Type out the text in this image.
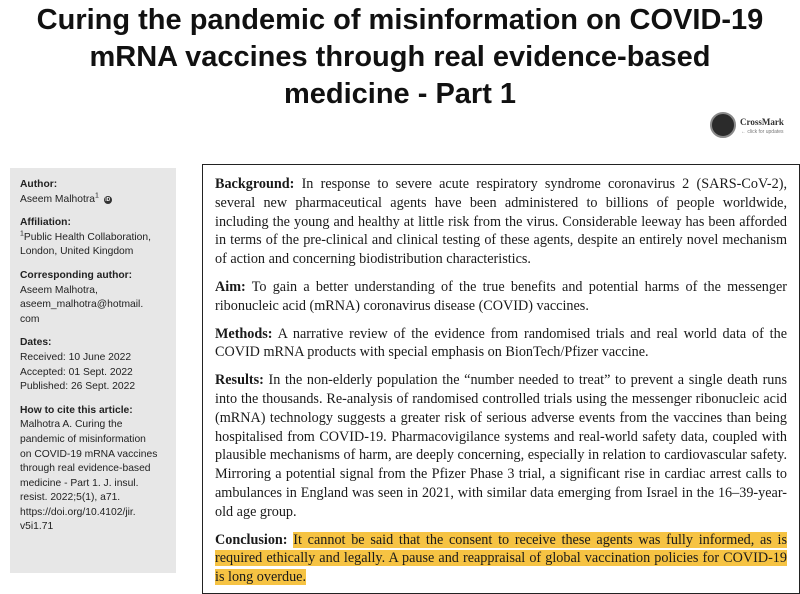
Curing the pandemic of misinformation on COVID-19
mRNA vaccines through real evidence-based
medicine - Part 1
CrossMark
← click for updates
Author:
Aseem Malhotra$^1$ iD
Affiliation:
$^1$Public Health Collaboration,
London, United Kingdom
Corresponding author:
Aseem Malhotra,
aseem_malhotra@hotmail.
com
Dates:
Received: 10 June 2022
Accepted: 01 Sept. 2022
Published: 26 Sept. 2022
How to cite this article:
Malhotra A. Curing the
pandemic of misinformation
on COVID-19 mRNA vaccines
through real evidence-based
medicine - Part 1. J. insul.
resist. 2022;5(1), a71.
https://doi.org/10.4102/jir.
v5i1.71

Background: In response to severe acute respiratory syndrome coronavirus 2 (SARS-CoV-2), several new pharmaceutical agents have been administered to billions of people worldwide, including the young and healthy at little risk from the virus. Considerable leeway has been afforded in terms of the pre-clinical and clinical testing of these agents, despite an entirely novel mechanism of action and concerning biodistribution characteristics.

Aim: To gain a better understanding of the true benefits and potential harms of the messenger ribonucleic acid (mRNA) coronavirus disease (COVID) vaccines.

Methods: A narrative review of the evidence from randomised trials and real world data of the COVID mRNA products with special emphasis on BionTech/Pfizer vaccine.

Results: In the non-elderly population the “number needed to treat” to prevent a single death runs into the thousands. Re-analysis of randomised controlled trials using the messenger ribonucleic acid (mRNA) technology suggests a greater risk of serious adverse events from the vaccines than being hospitalised from COVID-19. Pharmacovigilance systems and real-world safety data, coupled with plausible mechanisms of harm, are deeply concerning, especially in relation to cardiovascular safety. Mirroring a potential signal from the Pfizer Phase 3 trial, a significant rise in cardiac arrest calls to ambulances in England was seen in 2021, with similar data emerging from Israel in the 16–39-year-old age group.

Conclusion: It cannot be said that the consent to receive these agents was fully informed, as is required ethically and legally. A pause and reappraisal of global vaccination policies for COVID-19 is long overdue.
